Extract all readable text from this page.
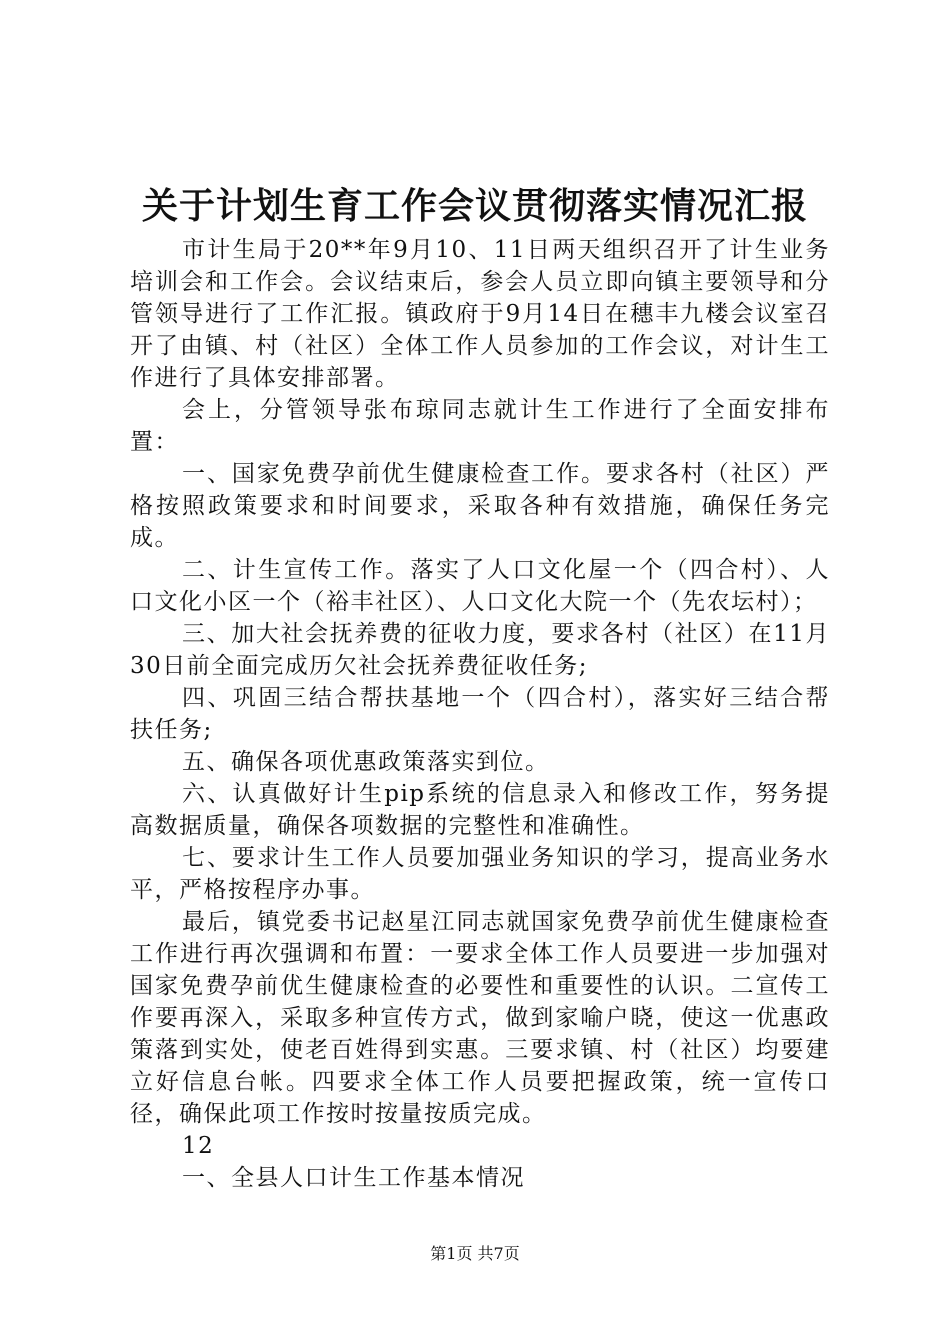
关于计划生育工作会议贯彻落实情况汇报

市计生局于20**年9月10、11日两天组织召开了计生业务培训会和工作会。会议结束后，参会人员立即向镇主要领导和分管领导进行了工作汇报。镇政府于9月14日在穗丰九楼会议室召开了由镇、村（社区）全体工作人员参加的工作会议，对计生工作进行了具体安排部署。

会上，分管领导张布琼同志就计生工作进行了全面安排布置：

一、国家免费孕前优生健康检查工作。要求各村（社区）严格按照政策要求和时间要求，采取各种有效措施，确保任务完成。

二、计生宣传工作。落实了人口文化屋一个（四合村）、人口文化小区一个（裕丰社区）、人口文化大院一个（先农坛村）；

三、加大社会抚养费的征收力度，要求各村（社区）在11月30日前全面完成历欠社会抚养费征收任务;

四、巩固三结合帮扶基地一个（四合村），落实好三结合帮扶任务;

五、确保各项优惠政策落实到位。

六、认真做好计生pip系统的信息录入和修改工作，努务提高数据质量，确保各项数据的完整性和准确性。

七、要求计生工作人员要加强业务知识的学习，提高业务水平，严格按程序办事。

最后，镇党委书记赵星江同志就国家免费孕前优生健康检查工作进行再次强调和布置：一要求全体工作人员要进一步加强对国家免费孕前优生健康检查的必要性和重要性的认识。二宣传工作要再深入，采取多种宣传方式，做到家喻户晓，使这一优惠政策落到实处，使老百姓得到实惠。三要求镇、村（社区）均要建立好信息台帐。四要求全体工作人员要把握政策，统一宣传口径，确保此项工作按时按量按质完成。

12

一、全县人口计生工作基本情况

第1页 共7页
